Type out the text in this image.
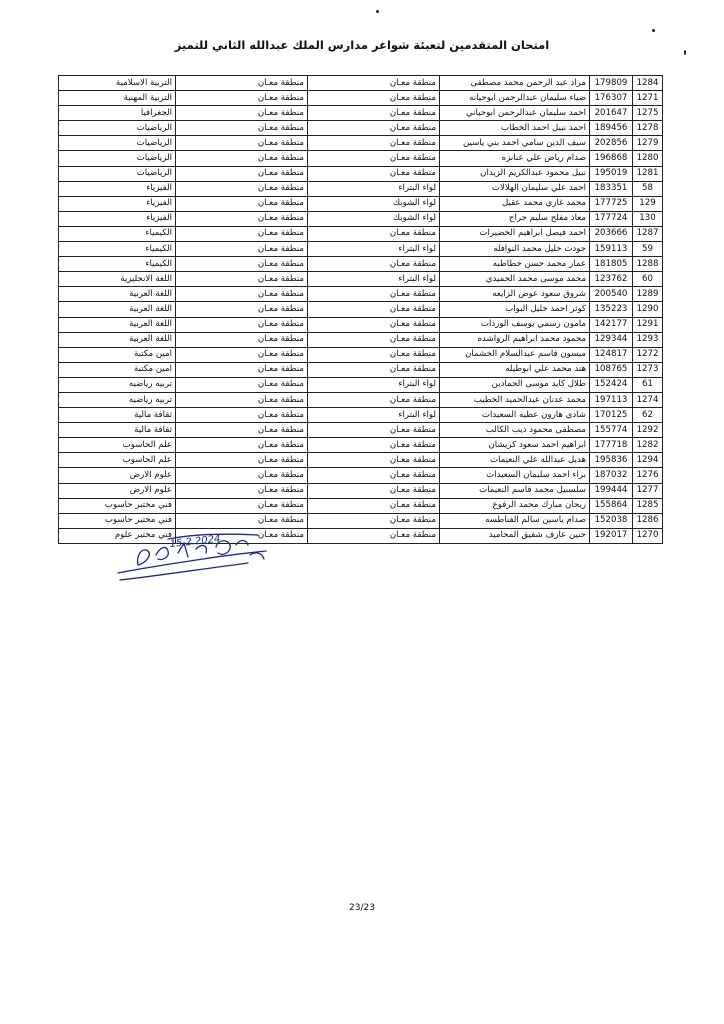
امتحان المتقدمين لتعبئة شواغر مدارس الملك عبدالله الثاني للتميز
1284	179809	مراد عبد الرحمن محمد مصطفى	منطقة معـان	منطقة معـان	التربية الاسلامية
1271	176307	ضياء سليمان عبدالرحمن ابوحيانه	منطقة معـان	منطقة معـان	التربية المهنية
1275	201647	احمد سليمان عبدالرحمن ابوحياني	منطقة معـان	منطقة معـان	الجغرافيا
1278	189456	احمد نبيل احمد الخطاب	منطقة معـان	منطقة معـان	الرياضيات
1279	202856	سيف الدين سامي احمد بني ياسين	منطقة معـان	منطقة معـان	الرياضيات
1280	196868	صدام رياض علي عنانزه	منطقة معـان	منطقة معـان	الرياضيات
1281	195019	نبيل محمود عبدالكريم الزيدان	منطقة معـان	منطقة معـان	الرياضيات
58	183351	احمد علي سليمان الهلالات	لواء البتراء	منطقة معـان	الفيزياء
129	177725	محمد غازي محمد عقيل	لواء الشوبك	منطقة معـان	الفيزياء
130	177724	معاذ مفلح سليم جراح	لواء الشوبك	منطقة معـان	الفيزياء
1287	203666	احمد فيصل ابراهيم الخضيرات	منطقة معـان	منطقة معـان	الكيمياء
59	159113	جودت خليل محمد النوافله	لواء البتراء	منطقة معـان	الكيمياء
1288	181805	عمار محمد حسن خطاطبه	منطقة معـان	منطقة معـان	الكيمياء
60	123762	محمد موسى محمد الحميدي	لواء البتراء	منطقة معـان	اللغة الانجليزية
1289	200540	شروق سعود عوض الزايعه	منطقة معـان	منطقة معـان	اللغة العربية
1290	135223	كوثر احمد خليل البواب	منطقة معـان	منطقة معـان	اللغة العربية
1291	142177	مامون رسمي يوسف الوردات	منطقة معـان	منطقة معـان	اللغة العربية
1293	129344	محمود محمد ابراهيم الرواشده	منطقة معـان	منطقة معـان	اللغة العربية
1272	124817	ميسون قاسم عبدالسلام الخشمان	منطقة معـان	منطقة معـان	امين مكتبة
1273	108765	هند محمد علي ابوطيله	منطقة معـان	منطقة معـان	امين مكتبة
61	152424	طلال كايد موسى الحمادين	لواء البتراء	منطقة معـان	تربيه رياضيه
1274	197113	محمد عدنان عبدالحميد الخطيب	منطقة معـان	منطقة معـان	تربيه رياضيه
62	170125	شادي هارون عطيه السعيدات	لواء البتراء	منطقة معـان	ثقافة مالية
1292	155774	مصطفى محمود ذيب الكالب	منطقة معـان	منطقة معـان	ثقافة مالية
1282	177718	ابراهيم احمد سعود كريشان	منطقة معـان	منطقة معـان	علم الحاسوب
1294	195836	هديل عبدالله علي النعيمات	منطقة معـان	منطقة معـان	علم الحاسوب
1276	187032	براء احمد سليمان السعيدات	منطقة معـان	منطقة معـان	علوم الارض
1277	199444	سلسبيل محمد قاسم النعيمات	منطقة معـان	منطقة معـان	علوم الارض
1285	155864	ريحان مبارك محمد الرفوع	منطقة معـان	منطقة معـان	فني مختبر حاسوب
1286	152038	صدام ياسين سالم الفناطسه	منطقة معـان	منطقة معـان	فني مختبر حاسوب
1270	192017	حنين عارف شفيق المحاميد	منطقة معـان	منطقة معـان	فني مختبر علوم
15.2.2024
23/23
